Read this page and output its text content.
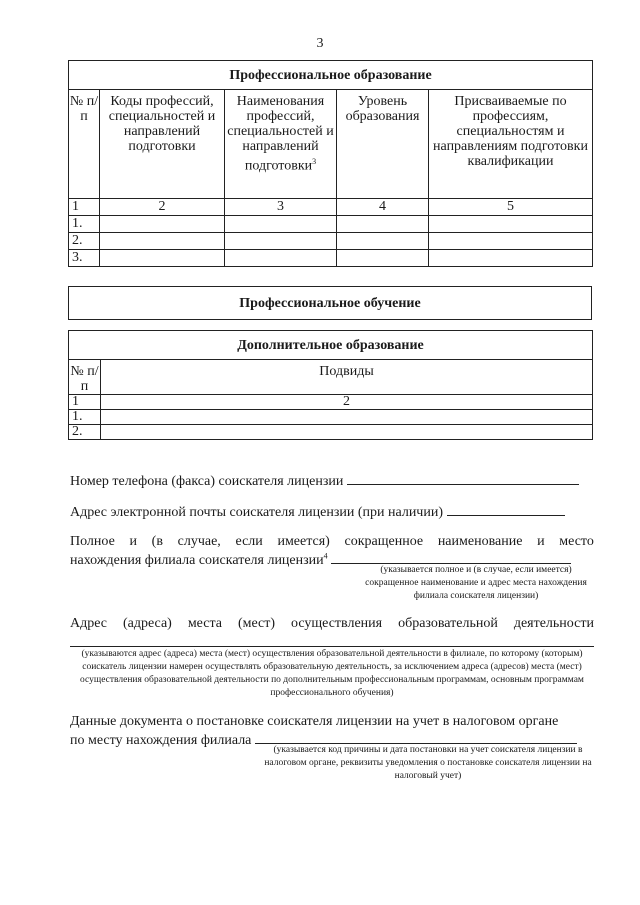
3
Профессиональное образование				
№ п/п	Коды профессий, специальностей и направлений подготовки	Наименования профессий, специальностей и направлений подготовки$^3$	Уровень образования	Присваиваемые по профессиям, специальностям и направлениям подготовки квалификации
1	2	3	4	5
1.				
2.				
3.				
Профессиональное обучение
Дополнительное образование	
№ п/п	Подвиды
1	2
1.	
2.	
Номер телефона (факса) соискателя лицензии
Адрес электронной почты соискателя лицензии (при наличии)
Полное и (в случае, если имеется) сокращенное наименование и место
нахождения филиала соискателя лицензии$^4$
(указывается полное и (в случае, если имеется) сокращенное наименование и адрес места нахождения филиала соискателя лицензии)
Адрес (адреса) места (мест) осуществления образовательной деятельности
(указываются адрес (адреса) места (мест) осуществления образовательной деятельности в филиале, по которому (которым) соискатель лицензии намерен осуществлять образовательную деятельность, за исключением адреса (адресов) места (мест) осуществления образовательной деятельности по дополнительным профессиональным программам, основным программам профессионального обучения)
Данные документа о постановке соискателя лицензии на учет в налоговом органе
по месту нахождения филиала
(указывается код причины и дата постановки на учет соискателя лицензии в налоговом органе, реквизиты уведомления о постановке соискателя лицензии на налоговый учет)
